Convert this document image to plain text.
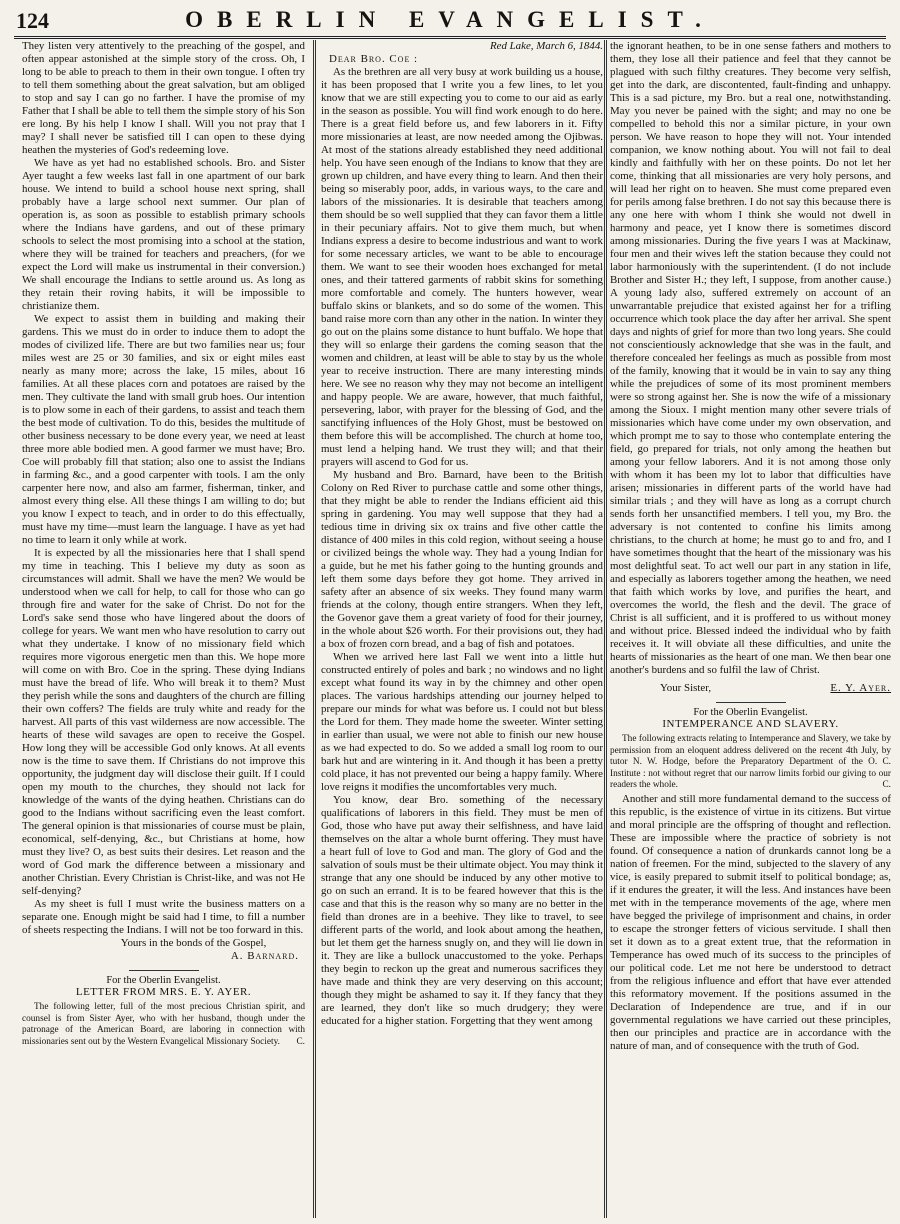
124	OBERLIN EVANGELIST.

They listen very attentively to the preaching of the gospel, and often appear astonished at the simple story of the cross. Oh, I long to be able to preach to them in their own tongue. I often try to tell them something about the great salvation, but am obliged to stop and say I can go no farther. I have the promise of my Father that I shall be able to tell them the simple story of his Son ere long. By his help I know I shall. Will you not pray that I may? I shall never be satisfied till I can open to these dying heathen the mysteries of God's redeeming love.

We have as yet had no established schools. Bro. and Sister Ayer taught a few weeks last fall in one apartment of our bark house. We intend to build a school house next spring, shall probably have a large school next summer. Our plan of operation is, as soon as possible to establish primary schools where the Indians have gardens, and out of these primary schools to select the most promising into a school at the station, where they will be trained for teachers and preachers, (for we expect the Lord will make us instrumental in their conversion.) We shall encourage the Indians to settle around us. As long as they retain their roving habits, it will be impossible to christianize them.

We expect to assist them in building and making their gardens. This we must do in order to induce them to adopt the modes of civilized life. There are but two families near us; four miles west are 25 or 30 families, and six or eight miles east nearly as many more; across the lake, 15 miles, about 16 families. At all these places corn and potatoes are raised by the men. They cultivate the land with small grub hoes. Our intention is to plow some in each of their gardens, to assist and teach them the best mode of cultivation. To do this, besides the multitude of other business necessary to be done every year, we need at least three more able bodied men. A good farmer we must have; Bro. Coe will probably fill that station; also one to assist the Indians in farming &c., and a good carpenter with tools. I am the only carpenter here now, and also am farmer, fisherman, tinker, and almost every thing else. All these things I am willing to do; but you know I expect to teach, and in order to do this effectually, must have my time—must learn the language. I have as yet had no time to learn it only while at work.

It is expected by all the missionaries here that I shall spend my time in teaching. This I believe my duty as soon as circumstances will admit. Shall we have the men? We would be understood when we call for help, to call for those who can go through fire and water for the sake of Christ. Do not for the Lord's sake send those who have lingered about the doors of college for years. We want men who have resolution to carry out what they undertake. I know of no missionary field which requires more vigorous energetic men than this. We hope more will come on with Bro. Coe in the spring. These dying Indians must have the bread of life. Who will break it to them? Must they perish while the sons and daughters of the church are filling their own coffers? The fields are truly white and ready for the harvest. All parts of this vast wilderness are now accessible. The hearts of these wild savages are open to receive the Gospel. How long they will be accessible God only knows. At all events now is the time to save them. If Christians do not improve this opportunity, the judgment day will disclose their guilt. If I could open my mouth to the churches, they should not lack for knowledge of the wants of the dying heathen. Christians can do good to the Indians without sacrificing even the least comfort. The general opinion is that missionaries of course must be plain, economical, self-denying, &c., but Christians at home, how must they live? O, as best suits their desires. Let reason and the word of God mark the difference between a missionary and another Christian. Every Christian is Christ-like, and was not He self-denying?

As my sheet is full I must write the business matters on a separate one. Enough might be said had I time, to fill a number of sheets respecting the Indians. I will not be too forward in this.

Yours in the bonds of the Gospel,
A. Barnard.
For the Oberlin Evangelist.
LETTER FROM MRS. E. Y. AYER.

The following letter, full of the most precious Christian spirit, and counsel is from Sister Ayer, who with her husband, though under the patronage of the American Board, are laboring in connection with missionaries sent out by the Western Evangelical Missionary Society.	C.

Red Lake, March 6, 1844.
Dear Bro. Coe :

As the brethren are all very busy at work building us a house, it has been proposed that I write you a few lines, to let you know that we are still expecting you to come to our aid as early in the season as possible. You will find work enough to do here. There is a great field before us, and few laborers in it. Fifty more missionaries at least, are now needed among the Ojibwas. At most of the stations already established they need additional help. You have seen enough of the Indians to know that they are grown up children, and have every thing to learn. And then their being so miserably poor, adds, in various ways, to the care and labors of the missionaries. It is desirable that teachers among them should be so well supplied that they can favor them a little in their pecuniary affairs. Not to give them much, but when Indians express a desire to become industrious and want to work for some necessary articles, we want to be able to encourage them. We want to see their wooden hoes exchanged for metal ones, and their tattered garments of rabbit skins for something more comfortable and comely. The hunters however, wear buffalo skins or blankets, and so do some of the women. This band raise more corn than any other in the nation. In winter they go out on the plains some distance to hunt buffalo. We hope that they will so enlarge their gardens the coming season that the women and children, at least will be able to stay by us the whole year to receive instruction. There are many interesting minds here. We see no reason why they may not become an intelligent and happy people. We are aware, however, that much faithful, persevering, labor, with prayer for the blessing of God, and the sanctifying influences of the Holy Ghost, must be bestowed on them before this will be accomplished. The church at home too, must lend a helping hand. We trust they will; and that their prayers will ascend to God for us.

My husband and Bro. Barnard, have been to the British Colony on Red River to purchase cattle and some other things, that they might be able to render the Indians efficient aid this spring in gardening. You may well suppose that they had a tedious time in driving six ox trains and five other cattle the distance of 400 miles in this cold region, without seeing a house or civilized beings the whole way. They had a young Indian for a guide, but he met his father going to the hunting grounds and left them some days before they got home. They arrived in safety after an absence of six weeks. They found many warm friends at the colony, though entire strangers. When they left, the Govenor gave them a great variety of food for their journey, in the whole about $26 worth. For their provisions out, they had a box of frozen corn bread, and a bag of fish and potatoes.

When we arrived here last Fall we went into a little hut constructed entirely of poles and bark ; no windows and no light except what found its way in by the chimney and other open places. The various hardships attending our journey helped to prepare our minds for what was before us. I could not but bless the Lord for them. They made home the sweeter. Winter setting in earlier than usual, we were not able to finish our new house as we had expected to do. So we added a small log room to our bark hut and are wintering in it. And though it has been a pretty cold place, it has not prevented our being a happy family. Where love reigns it modifies the uncomfortables very much.

You know, dear Bro. something of the necessary qualifications of laborers in this field. They must be men of God, those who have put away their selfishness, and have laid themselves on the altar a whole burnt offering. They must have a heart full of love to God and man. The glory of God and the salvation of souls must be their ultimate object. You may think it strange that any one should be induced by any other motive to go on such an errand. It is to be feared however that this is the case and that this is the reason why so many are no better in the field than drones are in a beehive. They like to travel, to see different parts of the world, and look about among the heathen, but let them get the harness snugly on, and they will lie down in it. They are like a bullock unaccustomed to the yoke. Perhaps they begin to reckon up the great and numerous sacrifices they have made and think they are very deserving on this account; though they might be ashamed to say it. If they fancy that they are learned, they don't like so much drudgery; they were educated for a higher station. Forgetting that they went among

the ignorant heathen, to be in one sense fathers and mothers to them, they lose all their patience and feel that they cannot be plagued with such filthy creatures. They become very selfish, get into the dark, are discontented, fault-finding and unhappy. This is a sad picture, my Bro. but a real one, notwithstanding. May you never be pained with the sight; and may no one be compelled to behold this nor a similar picture, in your own person. We have reason to hope they will not. Your intended companion, we know nothing about. You will not fail to deal kindly and faithfully with her on these points. Do not let her come, thinking that all missionaries are very holy persons, and will lead her right on to heaven. She must come prepared even for perils among false brethren. I do not say this because there is any one here with whom I think she would not dwell in harmony and peace, yet I know there is sometimes discord among missionaries. During the five years I was at Mackinaw, four men and their wives left the station because they could not labor harmoniously with the superintendent. (I do not include Brother and Sister H.; they left, I suppose, from another cause.) A young lady also, suffered extremely on account of an unwarrantable prejudice that existed against her for a trifling occurrence which took place the day after her arrival. She spent days and nights of grief for more than two long years. She could not conscientiously acknowledge that she was in the fault, and therefore concealed her feelings as much as possible from most of the family, knowing that it would be in vain to say any thing while the prejudices of some of its most prominent members were so strong against her. She is now the wife of a missionary among the Sioux. I might mention many other severe trials of missionaries which have come under my own observation, and which prompt me to say to those who contemplate entering the field, go prepared for trials, not only among the heathen but among your fellow laborers. And it is not among those only with whom it has been my lot to labor that difficulties have arisen; missionaries in different parts of the world have had similar trials ; and they will have as long as a corrupt church sends forth her unsanctified members. I tell you, my Bro. the adversary is not contented to confine his limits among christians, to the church at home; he must go to and fro, and I have sometimes thought that the heart of the missionary was his most delightful seat. To act well our part in any station in life, and especially as laborers together among the heathen, we need that faith which works by love, and purifies the heart, and overcomes the world, the flesh and the devil. The grace of Christ is all sufficient, and it is proffered to us without money and without price. Blessed indeed the individual who by faith receives it. It will obviate all these difficulties, and unite the hearts of missionaries as the heart of one man. We then bear one another's burdens and so fulfil the law of Christ.

Your Sister,	E. Y. Ayer.
For the Oberlin Evangelist.
INTEMPERANCE AND SLAVERY.

The following extracts relating to Intemperance and Slavery, we take by permission from an eloquent address delivered on the recent 4th July, by tutor N. W. Hodge, before the Preparatory Department of the O. C. Institute : not without regret that our narrow limits forbid our giving to our readers the whole.	C.

Another and still more fundamental demand to the success of this republic, is the existence of virtue in its citizens. But virtue and moral principle are the offspring of thought and reflection. These are impossible where the practice of sobriety is not found. Of consequence a nation of drunkards cannot long be a nation of freemen. For the mind, subjected to the slavery of any vice, is easily prepared to submit itself to political bondage; as, if it endures the greater, it will the less. And instances have been met with in the temperance movements of the age, where men have begged the privilege of imprisonment and chains, in order to escape the stronger fetters of vicious servitude. I shall then set it down as to a great extent true, that the reformation in Temperance has owed much of its success to the principles of our political code. Let me not here be understood to detract from the religious influence and effort that have ever attended this reformatory movement. If the positions assumed in the Declaration of Independence are true, and if in our governmental regulations we have carried out these principles, then our principles and practice are in accordance with the nature of man, and of consequence with the truth of God.
